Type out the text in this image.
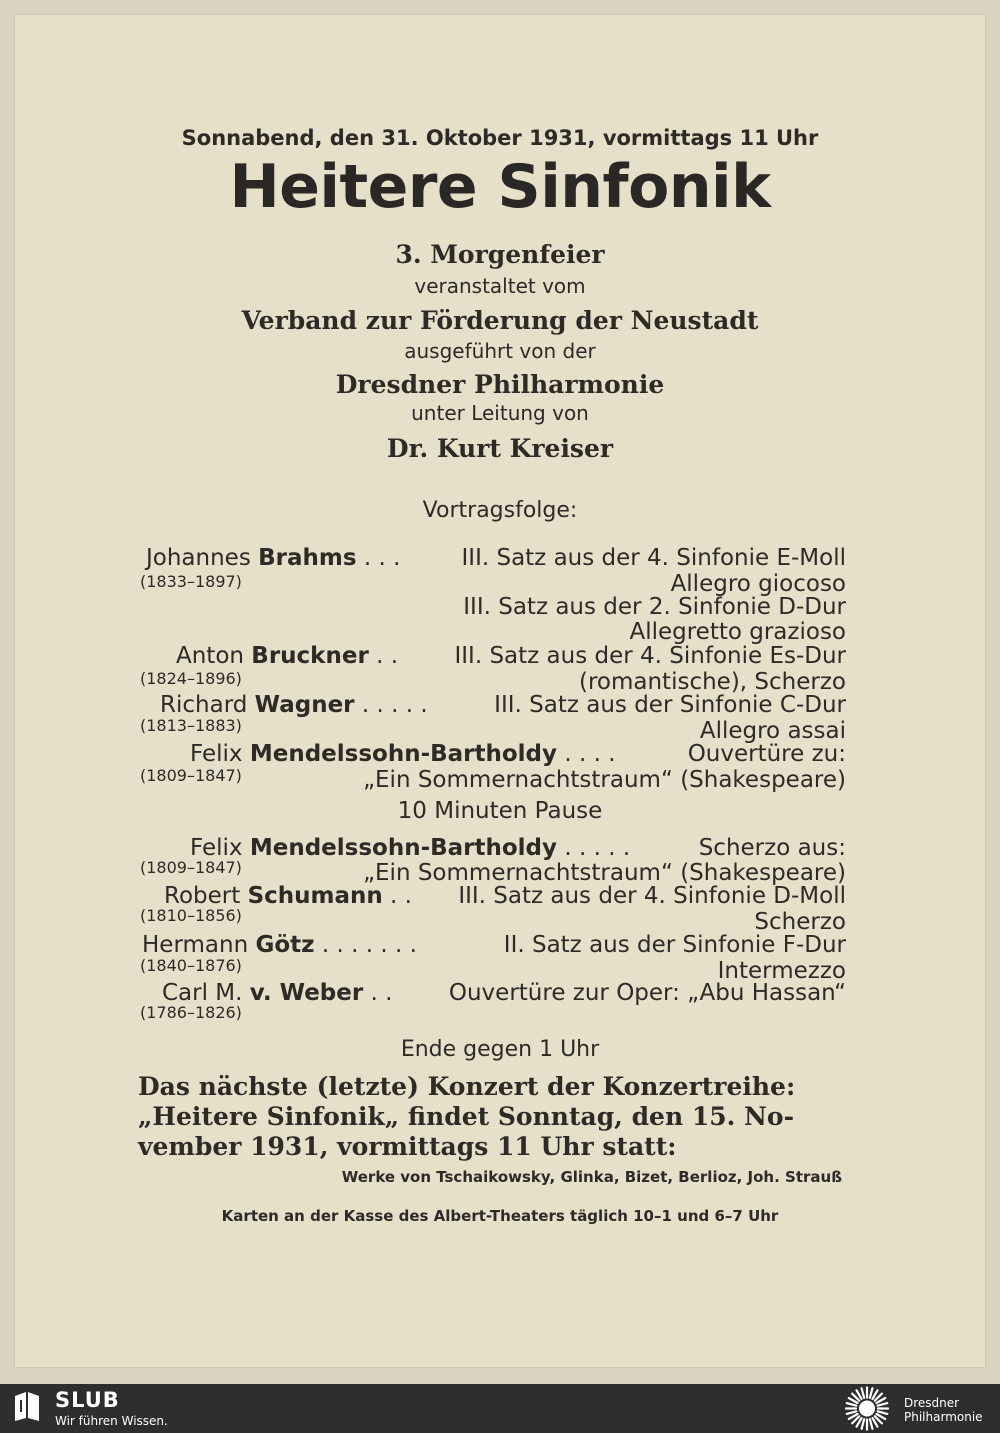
Sonnabend, den 31. Oktober 1931, vormittags 11 Uhr
Heitere Sinfonik
3. Morgenfeier
veranstaltet vom
Verband zur Förderung der Neustadt
ausgeführt von der
Dresdner Philharmonie
unter Leitung von
Dr. Kurt Kreiser
Vortragsfolge:
Johannes Brahms . . .	III. Satz aus der 4. Sinfonie E-Moll
(1833–1897)	Allegro giocoso
III. Satz aus der 2. Sinfonie D-Dur
Allegretto grazioso
Anton Bruckner . . III. Satz aus der 4. Sinfonie Es-Dur
(1824–1896)	(romantische), Scherzo
Richard Wagner . . . . .	III. Satz aus der Sinfonie C-Dur
(1813–1883)	Allegro assai
Felix Mendelssohn-Bartholdy . . . .	Ouvertüre zu:
(1809–1847)	„Ein Sommernachtstraum“ (Shakespeare)
10 Minuten Pause
Felix Mendelssohn-Bartholdy . . . . .	Scherzo aus:
(1809–1847)	„Ein Sommernachtstraum“ (Shakespeare)
Robert Schumann . . III. Satz aus der 4. Sinfonie D-Moll
(1810–1856)	Scherzo
Hermann Götz . . . . . . .	II. Satz aus der Sinfonie F-Dur
(1840–1876)	Intermezzo
Carl M. v. Weber . . Ouvertüre zur Oper: „Abu Hassan“
(1786–1826)
Ende gegen 1 Uhr
Das nächste (letzte) Konzert der Konzertreihe:
„Heitere Sinfonik„ findet Sonntag, den 15. No-
vember 1931, vormittags 11 Uhr statt:
Werke von Tschaikowsky, Glinka, Bizet, Berlioz, Joh. Strauß
Karten an der Kasse des Albert-Theaters täglich 10–1 und 6–7 Uhr
SLUB
Wir führen Wissen.
Dresdner
Philharmonie
